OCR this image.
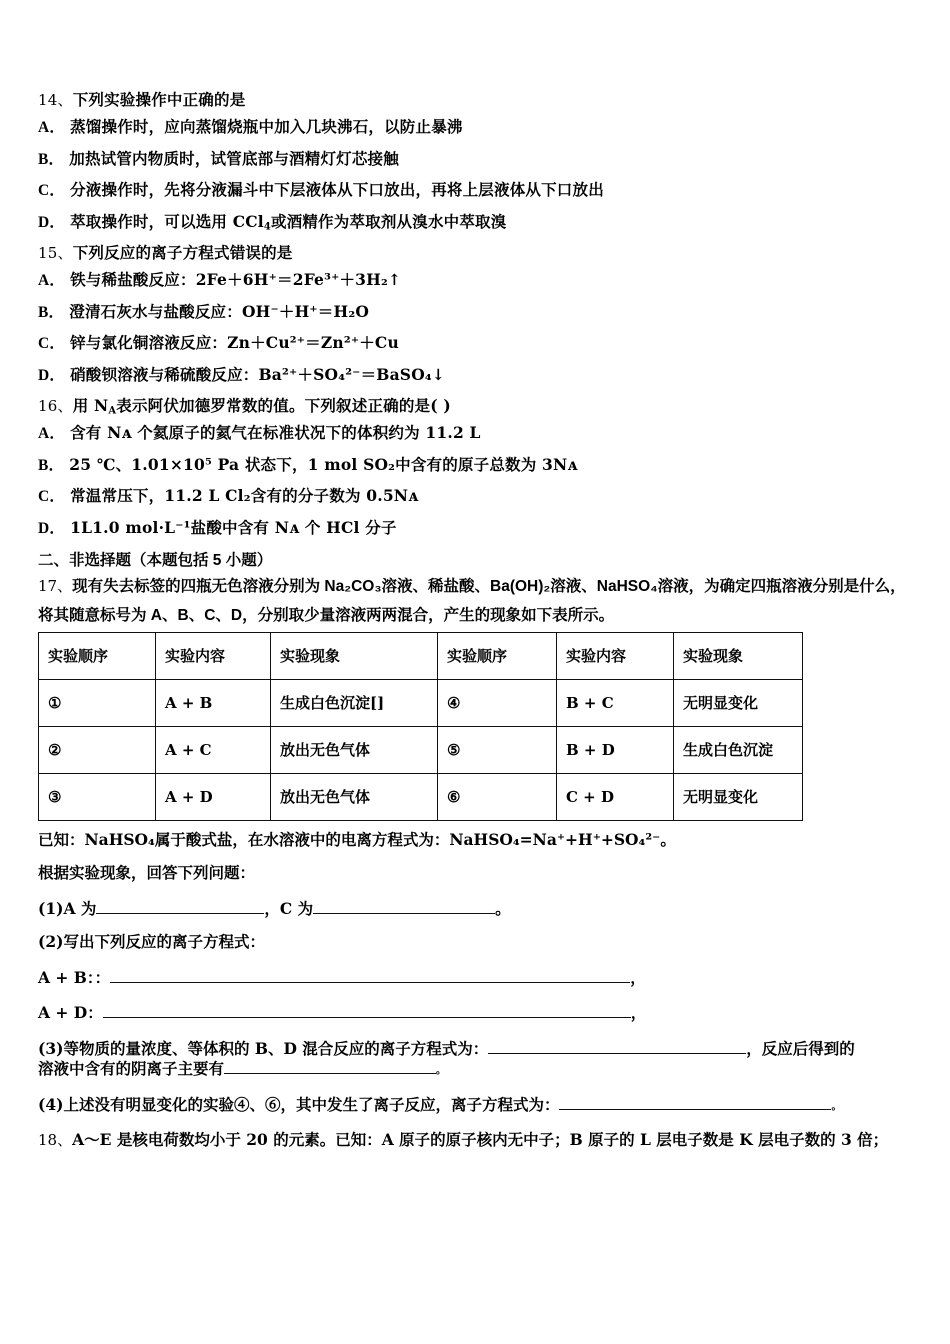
14、下列实验操作中正确的是
A． 蒸馏操作时，应向蒸馏烧瓶中加入几块沸石，以防止暴沸
B． 加热试管内物质时，试管底部与酒精灯灯芯接触
C． 分液操作时，先将分液漏斗中下层液体从下口放出，再将上层液体从下口放出
D． 萃取操作时，可以选用 CCl$_4$或酒精作为萃取剂从溴水中萃取溴
15、下列反应的离子方程式错误的是
A． 铁与稀盐酸反应：2Fe＋6H⁺＝2Fe³⁺＋3H₂↑
B． 澄清石灰水与盐酸反应：OH⁻＋H⁺＝H₂O
C． 锌与氯化铜溶液反应：Zn＋Cu²⁺＝Zn²⁺＋Cu
D． 硝酸钡溶液与稀硫酸反应：Ba²⁺＋SO₄²⁻＝BaSO₄↓
16、用 $N_A$表示阿伏加德罗常数的值。下列叙述正确的是( )
A． 含有 Nᴀ 个氦原子的氦气在标准状况下的体积约为 11.2 L
B． 25 ℃、1.01×10⁵ Pa 状态下，1 mol SO₂中含有的原子总数为 3Nᴀ
C． 常温常压下，11.2 L Cl₂含有的分子数为 0.5Nᴀ
D． 1L1.0 mol·L⁻¹盐酸中含有 Nᴀ 个 HCl 分子
二、非选择题（本题包括 5 小题）
17、现有失去标签的四瓶无色溶液分别为 Na₂CO₃溶液、稀盐酸、Ba(OH)₂溶液、NaHSO₄溶液，为确定四瓶溶液分别是什么，
将其随意标号为 A、B、C、D，分别取少量溶液两两混合，产生的现象如下表所示。
实验顺序	实验内容	实验现象	实验顺序	实验内容	实验现象
①	A + B	生成白色沉淀[]	④	B + C	无明显变化
②	A + C	放出无色气体	⑤	B + D	生成白色沉淀
③	A + D	放出无色气体	⑥	C + D	无明显变化
已知：NaHSO₄属于酸式盐，在水溶液中的电离方程式为：NaHSO₄=Na⁺+H⁺+SO₄²⁻。
根据实验现象，回答下列问题：
(1)A 为	，C 为	。
(2)写出下列反应的离子方程式：
A + B：：	，
A + D：	，
(3)等物质的量浓度、等体积的 B、D 混合反应的离子方程式为：	，反应后得到的
溶液中含有的阴离子主要有	。
(4)上述没有明显变化的实验④、⑥，其中发生了离子反应，离子方程式为：	。
18、A～E 是核电荷数均小于 20 的元素。已知：A 原子的原子核内无中子；B 原子的 L 层电子数是 K 层电子数的 3 倍；
